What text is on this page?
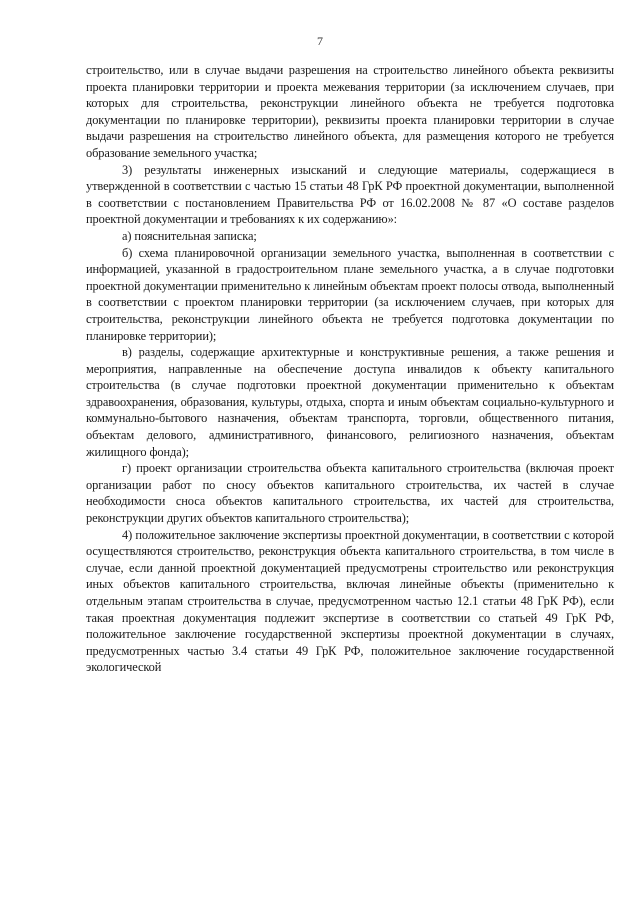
7

строительство, или в случае выдачи разрешения на строительство линейного объекта реквизиты проекта планировки территории и проекта межевания территории (за исключением случаев, при которых для строительства, реконструкции линейного объекта не требуется подготовка документации по планировке территории), реквизиты проекта планировки территории в случае выдачи разрешения на строительство линейного объекта, для размещения которого не требуется образование земельного участка;

3) результаты инженерных изысканий и следующие материалы, содержащиеся в утвержденной в соответствии с частью 15 статьи 48 ГрК РФ проектной документации, выполненной в соответствии с постановлением Правительства РФ от 16.02.2008 № 87 «О составе разделов проектной документации и требованиях к их содержанию»:

а) пояснительная записка;

б) схема планировочной организации земельного участка, выполненная в соответствии с информацией, указанной в градостроительном плане земельного участка, а в случае подготовки проектной документации применительно к линейным объектам проект полосы отвода, выполненный в соответствии с проектом планировки территории (за исключением случаев, при которых для строительства, реконструкции линейного объекта не требуется подготовка документации по планировке территории);

в) разделы, содержащие архитектурные и конструктивные решения, а также решения и мероприятия, направленные на обеспечение доступа инвалидов к объекту капитального строительства (в случае подготовки проектной документации применительно к объектам здравоохранения, образования, культуры, отдыха, спорта и иным объектам социально-культурного и коммунально-бытового назначения, объектам транспорта, торговли, общественного питания, объектам делового, административного, финансового, религиозного назначения, объектам жилищного фонда);

г) проект организации строительства объекта капитального строительства (включая проект организации работ по сносу объектов капитального строительства, их частей в случае необходимости сноса объектов капитального строительства, их частей для строительства, реконструкции других объектов капитального строительства);

4) положительное заключение экспертизы проектной документации, в соответствии с которой осуществляются строительство, реконструкция объекта капитального строительства, в том числе в случае, если данной проектной документацией предусмотрены строительство или реконструкция иных объектов капитального строительства, включая линейные объекты (применительно к отдельным этапам строительства в случае, предусмотренном частью 12.1 статьи 48 ГрК РФ), если такая проектная документация подлежит экспертизе в соответствии со статьей 49 ГрК РФ, положительное заключение государственной экспертизы проектной документации в случаях, предусмотренных частью 3.4 статьи 49 ГрК РФ, положительное заключение государственной экологической
